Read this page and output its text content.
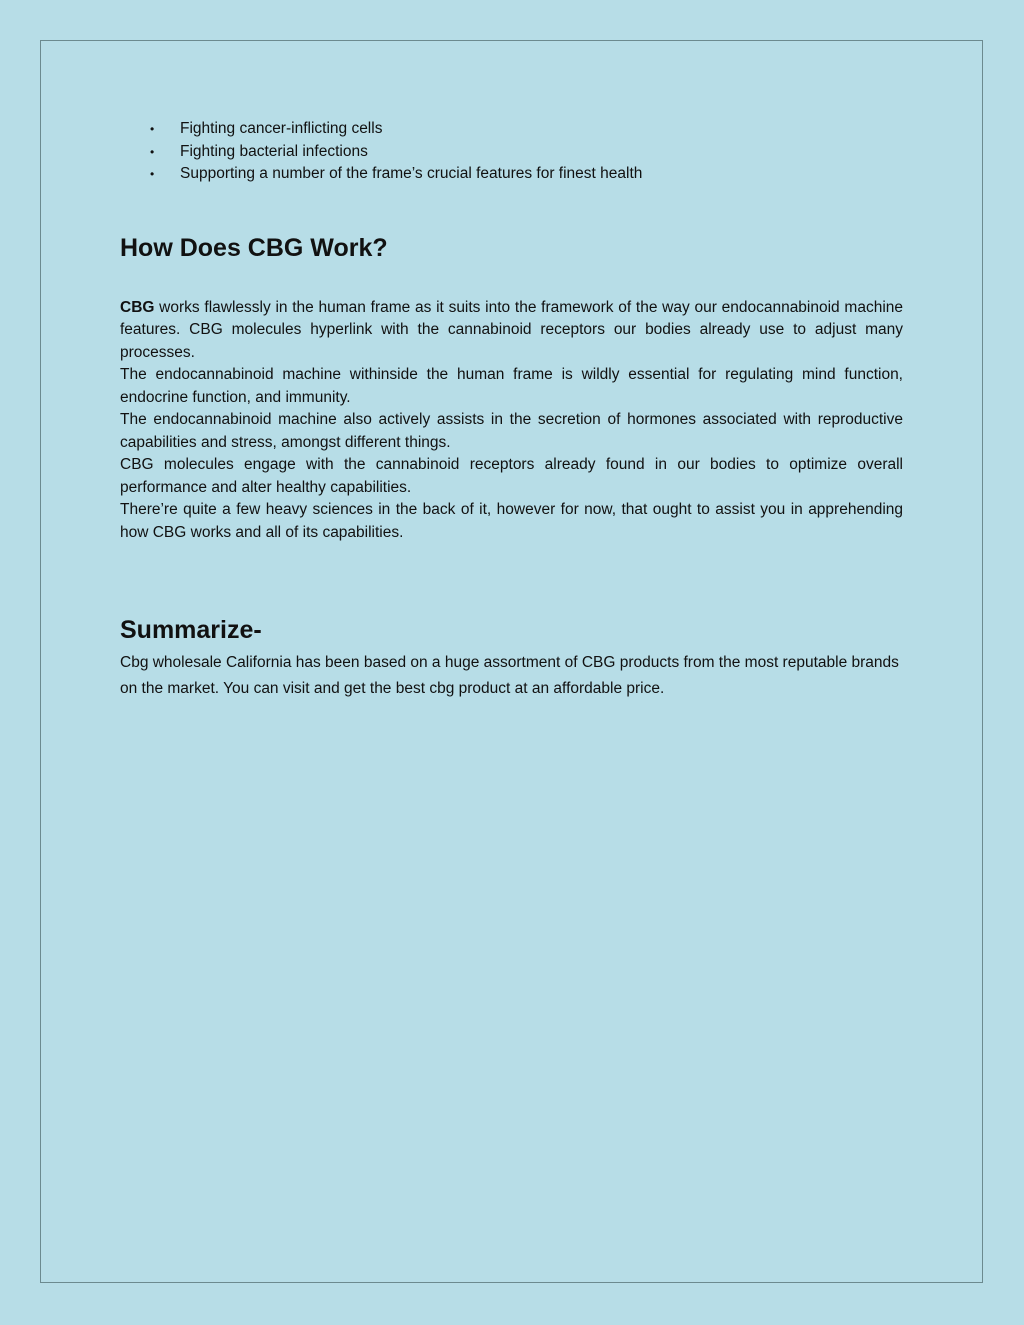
• Fighting cancer-inflicting cells
• Fighting bacterial infections
• Supporting a number of the frame’s crucial features for finest health
How Does CBG Work?

CBG works flawlessly in the human frame as it suits into the framework of the way our endocannabinoid machine features. CBG molecules hyperlink with the cannabinoid receptors our bodies already use to adjust many processes.

The endocannabinoid machine withinside the human frame is wildly essential for regulating mind function, endocrine function, and immunity.

The endocannabinoid machine also actively assists in the secretion of hormones associated with reproductive capabilities and stress, amongst different things.

CBG molecules engage with the cannabinoid receptors already found in our bodies to optimize overall performance and alter healthy capabilities.

There’re quite a few heavy sciences in the back of it, however for now, that ought to assist you in apprehending how CBG works and all of its capabilities.

Summarize-

Cbg wholesale California has been based on a huge assortment of CBG products from the most reputable brands on the market. You can visit and get the best cbg product at an affordable price.
